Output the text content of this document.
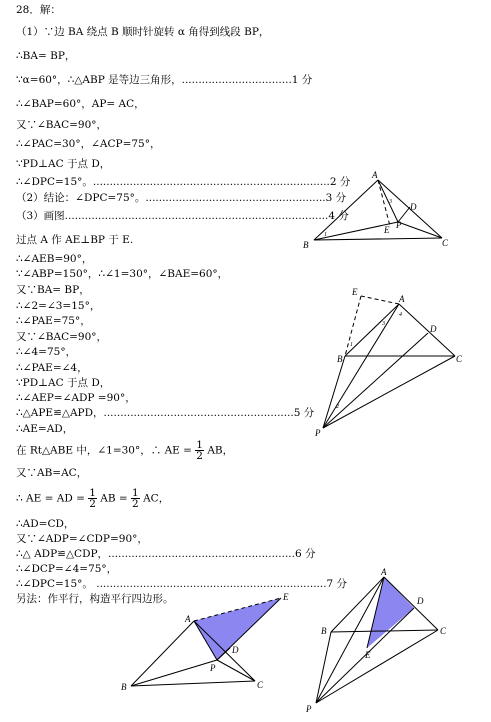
28．解：
（1）∵边 BA 绕点 B 顺时针旋转 α 角得到线段 BP，
∴BA= BP，
∵α=60°，∴△ABP 是等边三角形，.................................1 分
∴∠BAP=60°，AP= AC，
又∵∠BAC=90°，
∴∠PAC=30°，∠ACP=75°，
∵PD⊥AC 于点 D，
∴∠DPC=15°。.......................................................................2 分
（2）结论：∠DPC=75°。......................................................3 分
（3）画图...............................................................................4 分
过点 A 作 AE⊥BP 于 E.
∴∠AEB=90°，
∵∠ABP=150°，∴∠1=30°，∠BAE=60°，
又∵BA= BP，
∴∠2=∠3=15°，
∴∠PAE=75°，
又∵∠BAC=90°，
∴∠4=75°，
∴∠PAE=∠4，
∵PD⊥AC 于点 D，
∴∠AEP=∠ADP =90°，
∴△APE≌△APD，.........................................................5 分
∴AE=AD，
在 Rt△ABE 中，∠1=30°，∴ AE = $\frac{1}{2}$ AB，
又∵AB=AC，
∴ AE = AD = $\frac{1}{2}$ AB = $\frac{1}{2}$ AC，
∴AD=CD，
又∵∠ADP=∠CDP=90°，
∴△ ADP≌△CDP，........................................................6 分
∴∠DCP=∠4=75°，
∴∠DPC=15°。 .....................................................................7 分
另法：作平行，构造平行四边形。
A
B	C
D
E P
1
3
A
B	C
D
E
P
3
4
2
1
A
B	C
D
E
P
A
B	C
D
E
P
